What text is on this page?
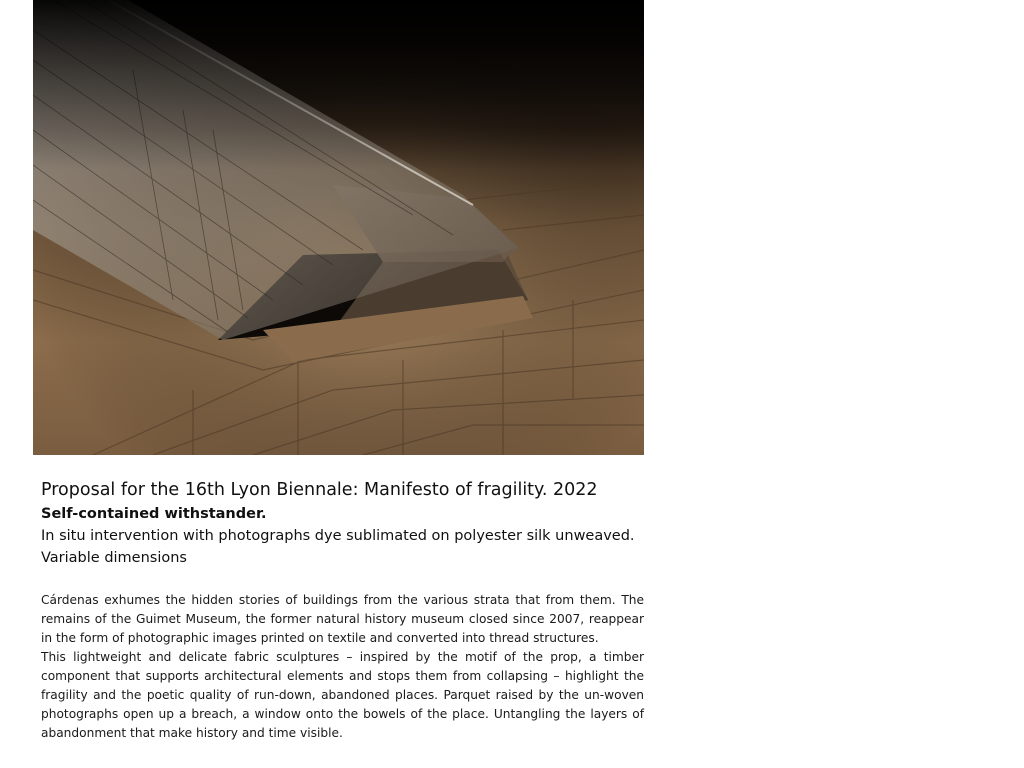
Proposal for the 16th Lyon Biennale: Manifesto of fragility. 2022

Self-contained withstander.

In situ intervention with photographs dye sublimated on polyester silk unweaved.

Variable dimensions

Cárdenas exhumes the hidden stories of buildings from the various strata that from them. The remains of the Guimet Museum, the former natural history museum closed since 2007, reappear in the form of photographic images printed on textile and converted into thread structures.

This lightweight and delicate fabric sculptures – inspired by the motif of the prop, a timber component that supports architectural elements and stops them from collapsing – highlight the fragility and the poetic quality of run-down, abandoned places. Parquet raised by the un-woven photographs open up a breach, a window onto the bowels of the place. Untangling the layers of abandonment that make history and time visible.
